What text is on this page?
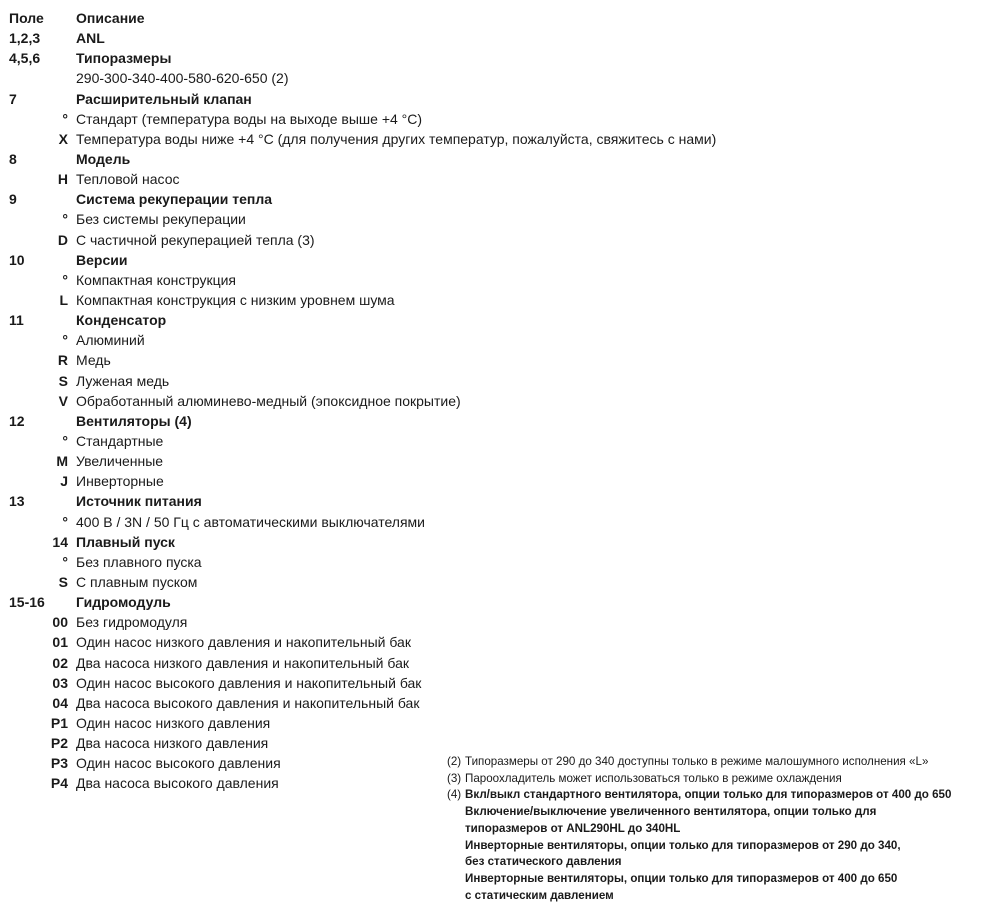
Поле	Описание
1,2,3	ANL
4,5,6	Типоразмеры
290-300-340-400-580-620-650 (2)
7	Расширительный клапан
° Стандарт (температура воды на выходе выше +4 °C)
X Температура воды ниже +4 °C (для получения других температур, пожалуйста, свяжитесь с нами)
8	Модель
H Тепловой насос
9	Система рекуперации тепла
° Без системы рекуперации
D С частичной рекуперацией тепла (3)
10	Версии
° Компактная конструкция
L Компактная конструкция с низким уровнем шума
11	Конденсатор
° Алюминий
R Медь
S Луженая медь
V Обработанный алюминево-медный (эпоксидное покрытие)
12	Вентиляторы (4)
° Стандартные
M Увеличенные
J Инверторные
13	Источник питания
° 400 В / 3N / 50 Гц с автоматическими выключателями
14 Плавный пуск
° Без плавного пуска
S С плавным пуском
15-16	Гидромодуль
00 Без гидромодуля
01 Один насос низкого давления и накопительный бак
02 Два насоса низкого давления и накопительный бак
03 Один насос высокого давления и накопительный бак
04 Два насоса высокого давления и накопительный бак
P1 Один насос низкого давления
P2 Два насоса низкого давления
P3 Один насос высокого давления
P4 Два насоса высокого давления
(2) Типоразмеры от 290 до 340 доступны только в режиме малошумного исполнения «L»
(3) Пароохладитель может использоваться только в режиме охлаждения
(4) Вкл/выкл стандартного вентилятора, опции только для типоразмеров от 400 до 650
Включение/выключение увеличенного вентилятора, опции только для
типоразмеров от ANL290HL до 340HL
Инверторные вентиляторы, опции только для типоразмеров от 290 до 340,
без статического давления
Инверторные вентиляторы, опции только для типоразмеров от 400 до 650
с статическим давлением
